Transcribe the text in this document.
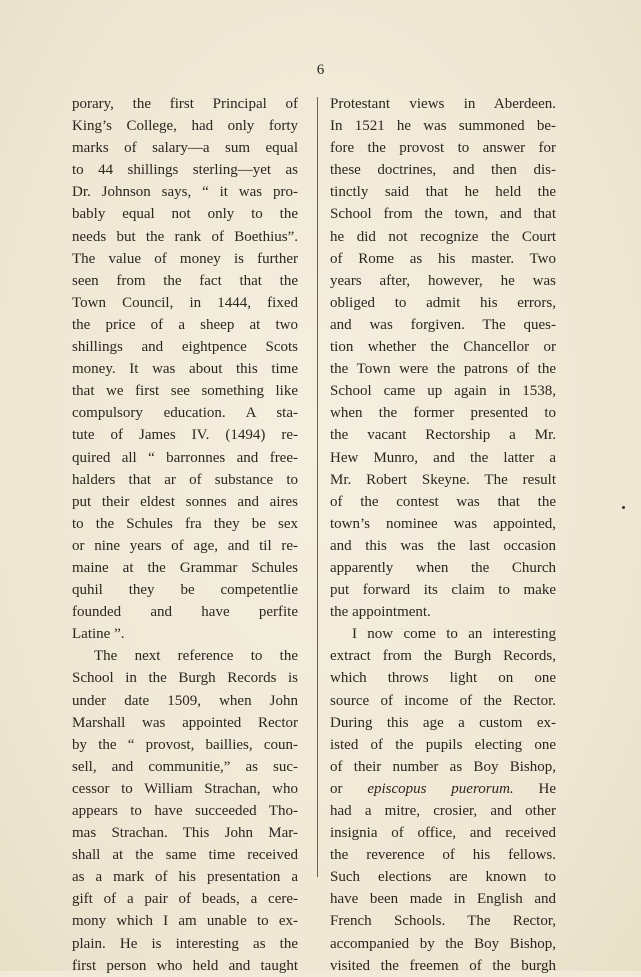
6
porary, the first Principal of
King’s College, had only forty
marks of salary—a sum equal
to 44 shillings sterling—yet as
Dr. Johnson says, “ it was pro-
bably equal not only to the
needs but the rank of Boethius”.
The value of money is further
seen from the fact that the
Town Council, in 1444, fixed
the price of a sheep at two
shillings and eightpence Scots
money. It was about this time
that we first see something like
compulsory education. A sta-
tute of James IV. (1494) re-
quired all “ barronnes and free-
halders that ar of substance to
put their eldest sonnes and aires
to the Schules fra they be sex
or nine years of age, and til re-
maine at the Grammar Schules
quhil they be competentlie
founded and have perfite
Latine ”.
The next reference to the
School in the Burgh Records is
under date 1509, when John
Marshall was appointed Rector
by the “ provost, baillies, coun-
sell, and communitie,” as suc-
cessor to William Strachan, who
appears to have succeeded Tho-
mas Strachan. This John Mar-
shall at the same time received
as a mark of his presentation a
gift of a pair of beads, a cere-
mony which I am unable to ex-
plain. He is interesting as the
first person who held and taught
Protestant views in Aberdeen.
In 1521 he was summoned be-
fore the provost to answer for
these doctrines, and then dis-
tinctly said that he held the
School from the town, and that
he did not recognize the Court
of Rome as his master. Two
years after, however, he was
obliged to admit his errors,
and was forgiven. The ques-
tion whether the Chancellor or
the Town were the patrons of the
School came up again in 1538,
when the former presented to
the vacant Rectorship a Mr.
Hew Munro, and the latter a
Mr. Robert Skeyne. The result
of the contest was that the
town’s nominee was appointed,
and this was the last occasion
apparently when the Church
put forward its claim to make
the appointment.
I now come to an interesting
extract from the Burgh Records,
which throws light on one
source of income of the Rector.
During this age a custom ex-
isted of the pupils electing one
of their number as Boy Bishop,
or episcopus puerorum. He
had a mitre, crosier, and other
insignia of office, and received
the reverence of his fellows.
Such elections are known to
have been made in English and
French Schools. The Rector,
accompanied by the Boy Bishop,
visited the freemen of the burgh
